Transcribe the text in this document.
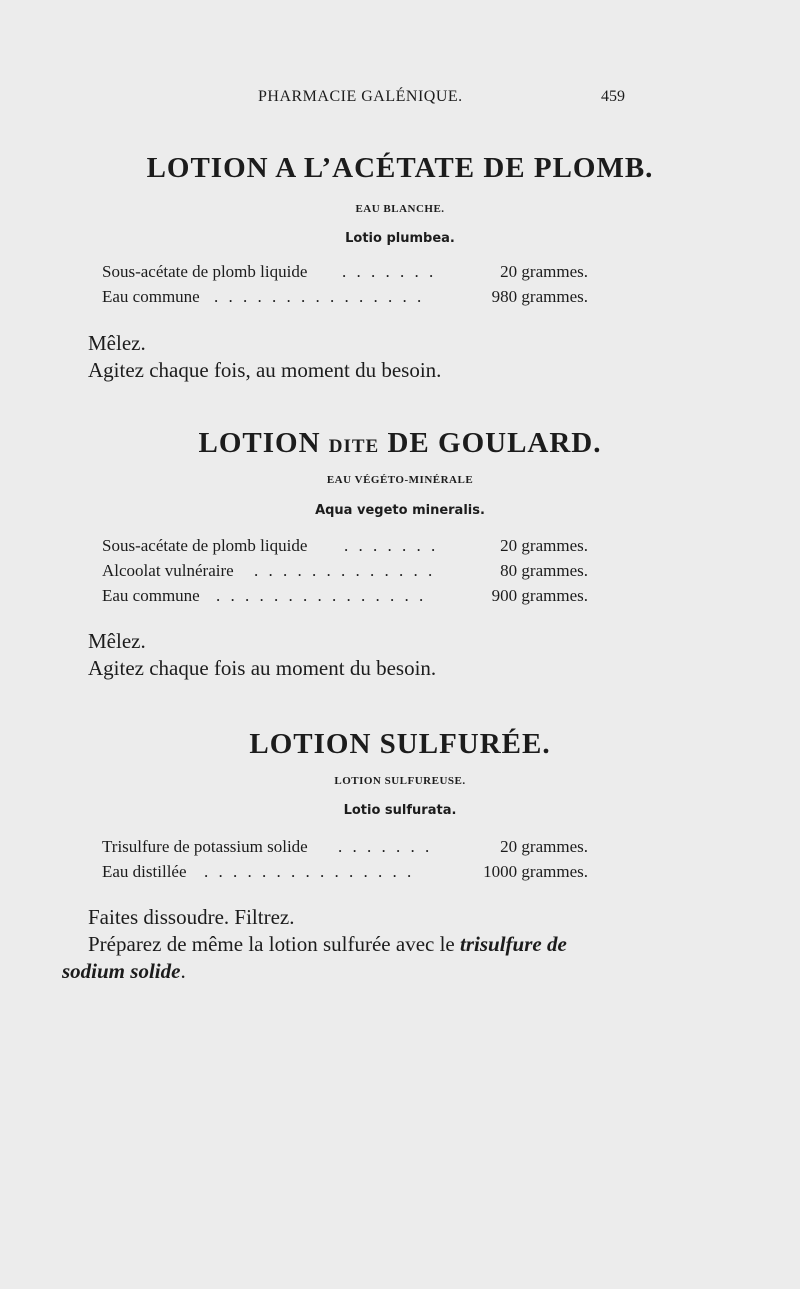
PHARMACIE GALÉNIQUE.	459
LOTION A L’ACÉTATE DE PLOMB.
EAU BLANCHE.
Lotio plumbea.
Sous-acétate de plomb liquide . . . . . . .	20 grammes.
Eau commune . . . . . . . . . . . . . . .	980 grammes.
Mêlez.
Agitez chaque fois, au moment du besoin.
LOTION DITE DE GOULARD.
EAU VÉGÉTO-MINÉRALE
Aqua vegeto mineralis.
Sous-acétate de plomb liquide . . . . . . .	20 grammes.
Alcoolat vulnéraire . . . . . . . . . . . . .	80 grammes.
Eau commune . . . . . . . . . . . . . . .	900 grammes.
Mêlez.
Agitez chaque fois au moment du besoin.
LOTION SULFURÉE.
LOTION SULFUREUSE.
Lotio sulfurata.
Trisulfure de potassium solide . . . . . . .	20 grammes.
Eau distillée . . . . . . . . . . . . . . .	1000 grammes.
Faites dissoudre. Filtrez.
Préparez de même la lotion sulfurée avec le trisulfure de
sodium solide.
